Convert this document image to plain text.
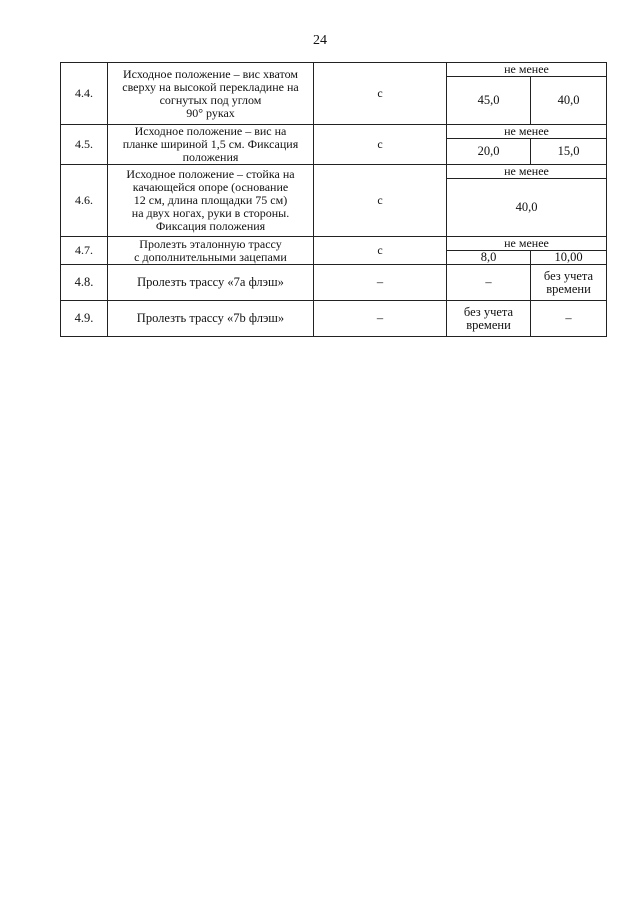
24
4.4.	Исходное положение – вис хватом
сверху на высокой перекладине на
согнутых под углом
90° руках	с	не менее	
			45,0	40,0
4.5.	Исходное положение – вис на
планке шириной 1,5 см. Фиксация
положения	с	не менее	
			20,0	15,0
4.6.	Исходное положение – стойка на
качающейся опоре (основание
12 см, длина площадки 75 см)
на двух ногах, руки в стороны.
Фиксация положения	с	не менее	
			40,0	
4.7.	Пролезть эталонную трассу
с дополнительными зацепами	с	не менее	
			8,0	10,00
4.8.	Пролезть трассу «7а флэш»	–	–	без учета
времени

4.9.	Пролезть трассу «7b флэш»	–	без учета
времени	–
